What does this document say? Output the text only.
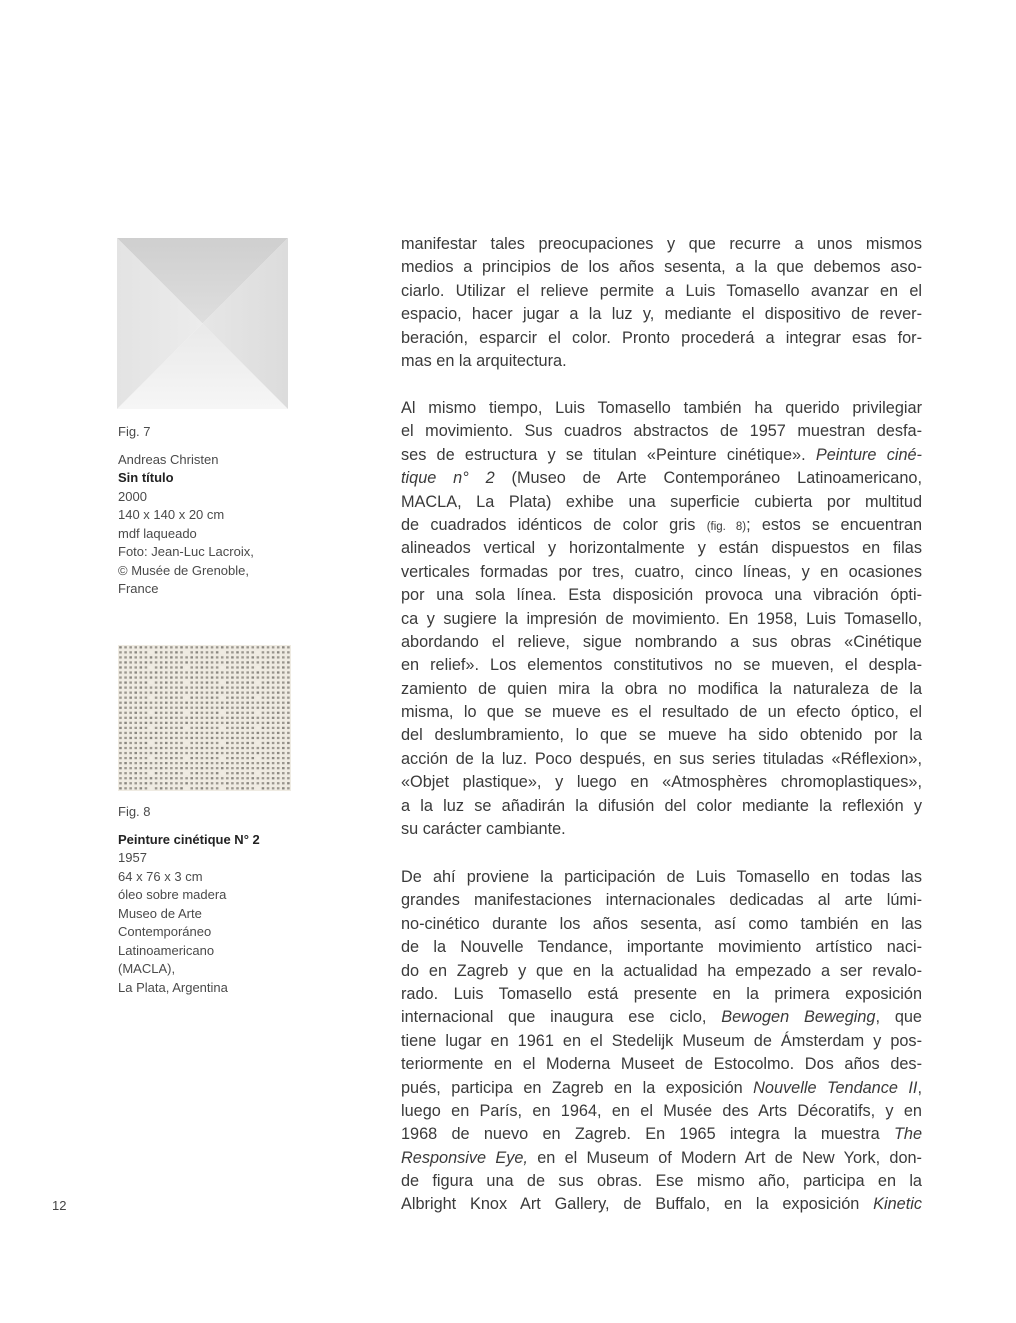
Fig. 7
Andreas Christen
Sin título
2000
140 x 140 x 20 cm
mdf laqueado
Foto: Jean-Luc Lacroix,
© Musée de Grenoble,
France
Fig. 8
Peinture cinétique N° 2
1957
64 x 76 x 3 cm
óleo sobre madera
Museo de Arte
Contemporáneo
Latinoamericano
(MACLA),
La Plata, Argentina
manifestar tales preocupaciones y que recurre a unos mismos
medios a principios de los años sesenta, a la que debemos aso-
ciarlo. Utilizar el relieve permite a Luis Tomasello avanzar en el
espacio, hacer jugar a la luz y, mediante el dispositivo de rever-
beración, esparcir el color. Pronto procederá a integrar esas for-
mas en la arquitectura.
Al mismo tiempo, Luis Tomasello también ha querido privilegiar
el movimiento. Sus cuadros abstractos de 1957 muestran desfa-
ses de estructura y se titulan «Peinture cinétique». Peinture ciné-
tique n° 2 (Museo de Arte Contemporáneo Latinoamericano,
MACLA, La Plata) exhibe una superficie cubierta por multitud
de cuadrados idénticos de color gris (fig. 8); estos se encuentran
alineados vertical y horizontalmente y están dispuestos en filas
verticales formadas por tres, cuatro, cinco líneas, y en ocasiones
por una sola línea. Esta disposición provoca una vibración ópti-
ca y sugiere la impresión de movimiento. En 1958, Luis Tomasello,
abordando el relieve, sigue nombrando a sus obras «Cinétique
en relief». Los elementos constitutivos no se mueven, el despla-
zamiento de quien mira la obra no modifica la naturaleza de la
misma, lo que se mueve es el resultado de un efecto óptico, el
del deslumbramiento, lo que se mueve ha sido obtenido por la
acción de la luz. Poco después, en sus series tituladas «Réflexion»,
«Objet plastique», y luego en «Atmosphères chromoplastiques»,
a la luz se añadirán la difusión del color mediante la reflexión y
su carácter cambiante.
De ahí proviene la participación de Luis Tomasello en todas las
grandes manifestaciones internacionales dedicadas al arte lúmi-
no-cinético durante los años sesenta, así como también en las
de la Nouvelle Tendance, importante movimiento artístico naci-
do en Zagreb y que en la actualidad ha empezado a ser revalo-
rado. Luis Tomasello está presente en la primera exposición
internacional que inaugura ese ciclo, Bewogen Beweging, que
tiene lugar en 1961 en el Stedelijk Museum de Ámsterdam y pos-
teriormente en el Moderna Museet de Estocolmo. Dos años des-
pués, participa en Zagreb en la exposición Nouvelle Tendance II,
luego en París, en 1964, en el Musée des Arts Décoratifs, y en
1968 de nuevo en Zagreb. En 1965 integra la muestra The
Responsive Eye, en el Museum of Modern Art de New York, don-
de figura una de sus obras. Ese mismo año, participa en la
Albright Knox Art Gallery, de Buffalo, en la exposición Kinetic
12
